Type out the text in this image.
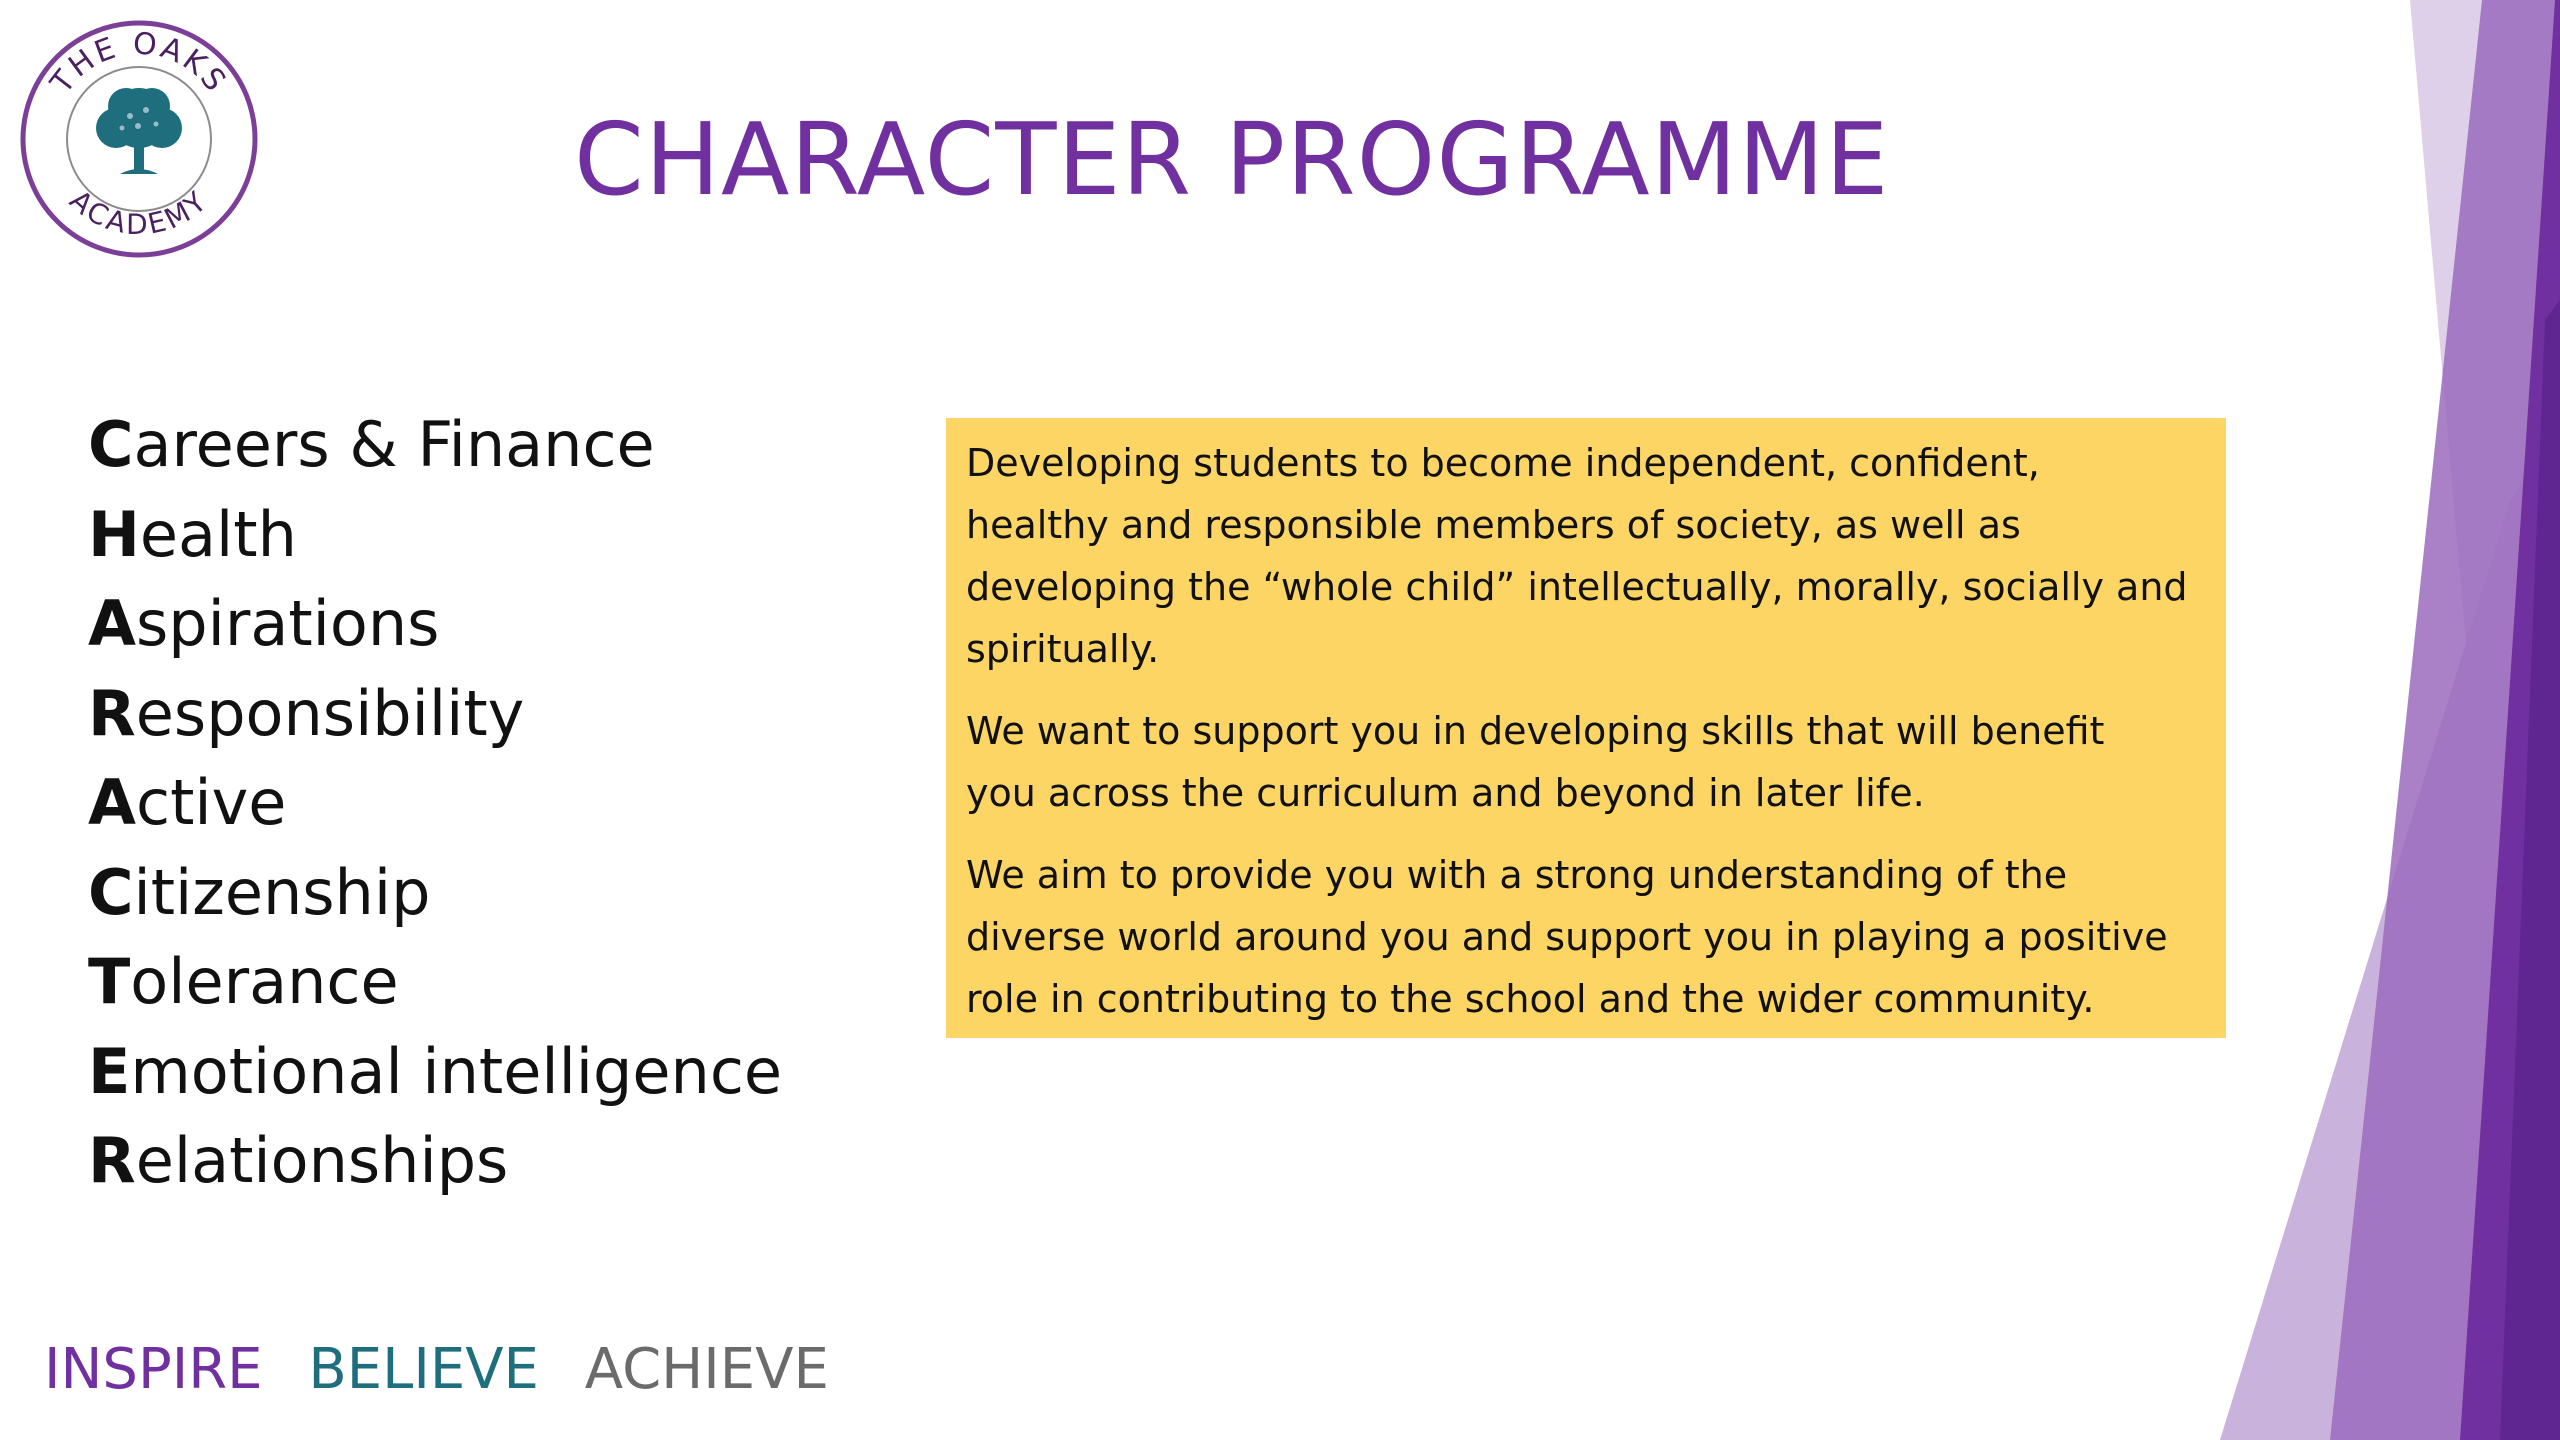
THE OAKS
ACADEMY	CHARACTER PROGRAMME
Careers & Finance
Health
Aspirations
Responsibility
Active
Citizenship
Tolerance
Emotional intelligence
Relationships

Developing students to become independent, confident,
healthy and responsible members of society, as well as
developing the “whole child” intellectually, morally, socially and
spiritually.

We want to support you in developing skills that will benefit
you across the curriculum and beyond in later life.

We aim to provide you with a strong understanding of the
diverse world around you and support you in playing a positive
role in contributing to the school and the wider community.

INSPIRE BELIEVE ACHIEVE
